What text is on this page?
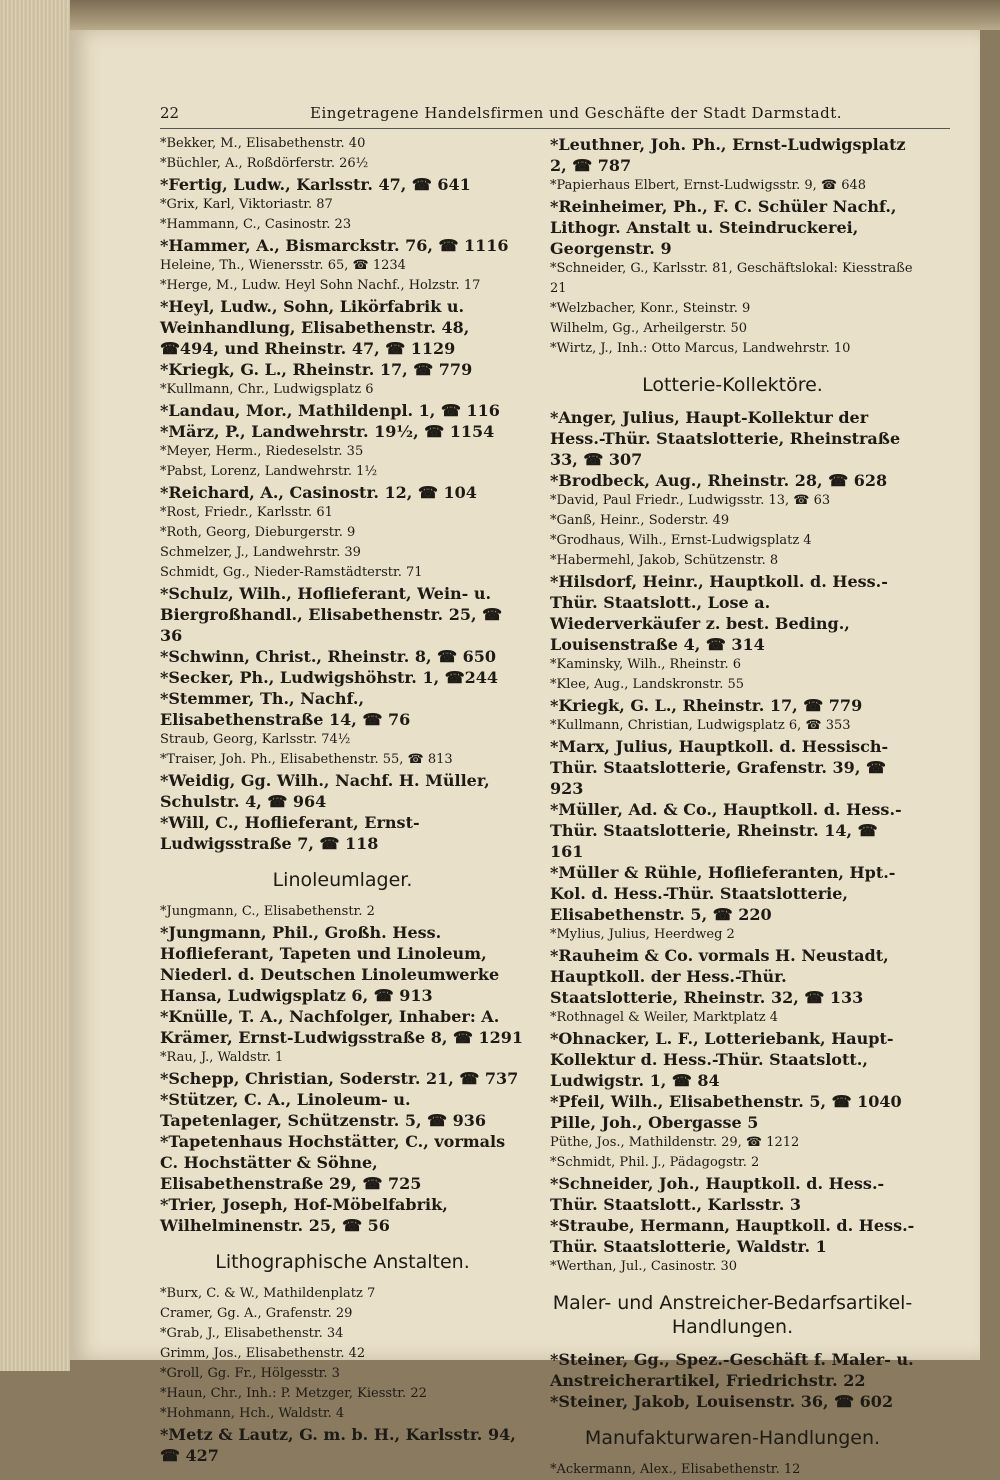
22	Eingetragene Handelsfirmen und Geschäfte der Stadt Darmstadt.

*Bekker, M., Elisabethenstr. 40

*Büchler, A., Roßdörferstr. 26½

*Fertig, Ludw., Karlsstr. 47, ☎ 641

*Grix, Karl, Viktoriastr. 87

*Hammann, C., Casinostr. 23

*Hammer, A., Bismarckstr. 76, ☎ 1116

Heleine, Th., Wienersstr. 65, ☎ 1234

*Herge, M., Ludw. Heyl Sohn Nachf., Holzstr. 17

*Heyl, Ludw., Sohn, Likörfabrik u. Weinhandlung, Elisabethenstr. 48, ☎494, und Rheinstr. 47, ☎ 1129

*Kriegk, G. L., Rheinstr. 17, ☎ 779

*Kullmann, Chr., Ludwigsplatz 6

*Landau, Mor., Mathildenpl. 1, ☎ 116

*März, P., Landwehrstr. 19½, ☎ 1154

*Meyer, Herm., Riedeselstr. 35

*Pabst, Lorenz, Landwehrstr. 1½

*Reichard, A., Casinostr. 12, ☎ 104

*Rost, Friedr., Karlsstr. 61

*Roth, Georg, Dieburgerstr. 9

Schmelzer, J., Landwehrstr. 39

Schmidt, Gg., Nieder-Ramstädterstr. 71

*Schulz, Wilh., Hoflieferant, Wein- u. Biergroßhandl., Elisabethenstr. 25, ☎ 36

*Schwinn, Christ., Rheinstr. 8, ☎ 650

*Secker, Ph., Ludwigshöhstr. 1, ☎244

*Stemmer, Th., Nachf., Elisabethenstraße 14, ☎ 76

Straub, Georg, Karlsstr. 74½

*Traiser, Joh. Ph., Elisabethenstr. 55, ☎ 813

*Weidig, Gg. Wilh., Nachf. H. Müller, Schulstr. 4, ☎ 964

*Will, C., Hoflieferant, Ernst-Ludwigsstraße 7, ☎ 118

Linoleumlager.

*Jungmann, C., Elisabethenstr. 2

*Jungmann, Phil., Großh. Hess. Hoflieferant, Tapeten und Linoleum, Niederl. d. Deutschen Linoleumwerke Hansa, Ludwigsplatz 6, ☎ 913

*Knülle, T. A., Nachfolger, Inhaber: A. Krämer, Ernst-Ludwigsstraße 8, ☎ 1291

*Rau, J., Waldstr. 1

*Schepp, Christian, Soderstr. 21, ☎ 737

*Stützer, C. A., Linoleum- u. Tapetenlager, Schützenstr. 5, ☎ 936

*Tapetenhaus Hochstätter, C., vormals C. Hochstätter & Söhne, Elisabethenstraße 29, ☎ 725

*Trier, Joseph, Hof-Möbelfabrik, Wilhelminenstr. 25, ☎ 56

Lithographische Anstalten.

*Burx, C. & W., Mathildenplatz 7

Cramer, Gg. A., Grafenstr. 29

*Grab, J., Elisabethenstr. 34

Grimm, Jos., Elisabethenstr. 42

*Groll, Gg. Fr., Hölgesstr. 3

*Haun, Chr., Inh.: P. Metzger, Kiesstr. 22

*Hohmann, Hch., Waldstr. 4

*Metz & Lautz, G. m. b. H., Karlsstr. 94, ☎ 427

*Leuthner, Joh. Ph., Ernst-Ludwigsplatz 2, ☎ 787

*Papierhaus Elbert, Ernst-Ludwigsstr. 9, ☎ 648

*Reinheimer, Ph., F. C. Schüler Nachf., Lithogr. Anstalt u. Steindruckerei, Georgenstr. 9

*Schneider, G., Karlsstr. 81, Geschäftslokal: Kiesstraße 21

*Welzbacher, Konr., Steinstr. 9

Wilhelm, Gg., Arheilgerstr. 50

*Wirtz, J., Inh.: Otto Marcus, Landwehrstr. 10

Lotterie-Kollektöre.

*Anger, Julius, Haupt-Kollektur der Hess.-Thür. Staatslotterie, Rheinstraße 33, ☎ 307

*Brodbeck, Aug., Rheinstr. 28, ☎ 628

*David, Paul Friedr., Ludwigsstr. 13, ☎ 63

*Ganß, Heinr., Soderstr. 49

*Grodhaus, Wilh., Ernst-Ludwigsplatz 4

*Habermehl, Jakob, Schützenstr. 8

*Hilsdorf, Heinr., Hauptkoll. d. Hess.-Thür. Staatslott., Lose a. Wiederverkäufer z. best. Beding., Louisenstraße 4, ☎ 314

*Kaminsky, Wilh., Rheinstr. 6

*Klee, Aug., Landskronstr. 55

*Kriegk, G. L., Rheinstr. 17, ☎ 779

*Kullmann, Christian, Ludwigsplatz 6, ☎ 353

*Marx, Julius, Hauptkoll. d. Hessisch-Thür. Staatslotterie, Grafenstr. 39, ☎ 923

*Müller, Ad. & Co., Hauptkoll. d. Hess.-Thür. Staatslotterie, Rheinstr. 14, ☎ 161

*Müller & Rühle, Hoflieferanten, Hpt.-Kol. d. Hess.-Thür. Staatslotterie, Elisabethenstr. 5, ☎ 220

*Mylius, Julius, Heerdweg 2

*Rauheim & Co. vormals H. Neustadt, Hauptkoll. der Hess.-Thür. Staatslotterie, Rheinstr. 32, ☎ 133

*Rothnagel & Weiler, Marktplatz 4

*Ohnacker, L. F., Lotteriebank, Haupt-Kollektur d. Hess.-Thür. Staatslott., Ludwigstr. 1, ☎ 84

*Pfeil, Wilh., Elisabethenstr. 5, ☎ 1040

Pille, Joh., Obergasse 5

Püthe, Jos., Mathildenstr. 29, ☎ 1212

*Schmidt, Phil. J., Pädagogstr. 2

*Schneider, Joh., Hauptkoll. d. Hess.-Thür. Staatslott., Karlsstr. 3

*Straube, Hermann, Hauptkoll. d. Hess.-Thür. Staatslotterie, Waldstr. 1

*Werthan, Jul., Casinostr. 30

Maler- und Anstreicher-Bedarfsartikel-Handlungen.

*Steiner, Gg., Spez.-Geschäft f. Maler- u. Anstreicherartikel, Friedrichstr. 22

*Steiner, Jakob, Louisenstr. 36, ☎ 602

Manufakturwaren-Handlungen.

*Ackermann, Alex., Elisabethenstr. 12
